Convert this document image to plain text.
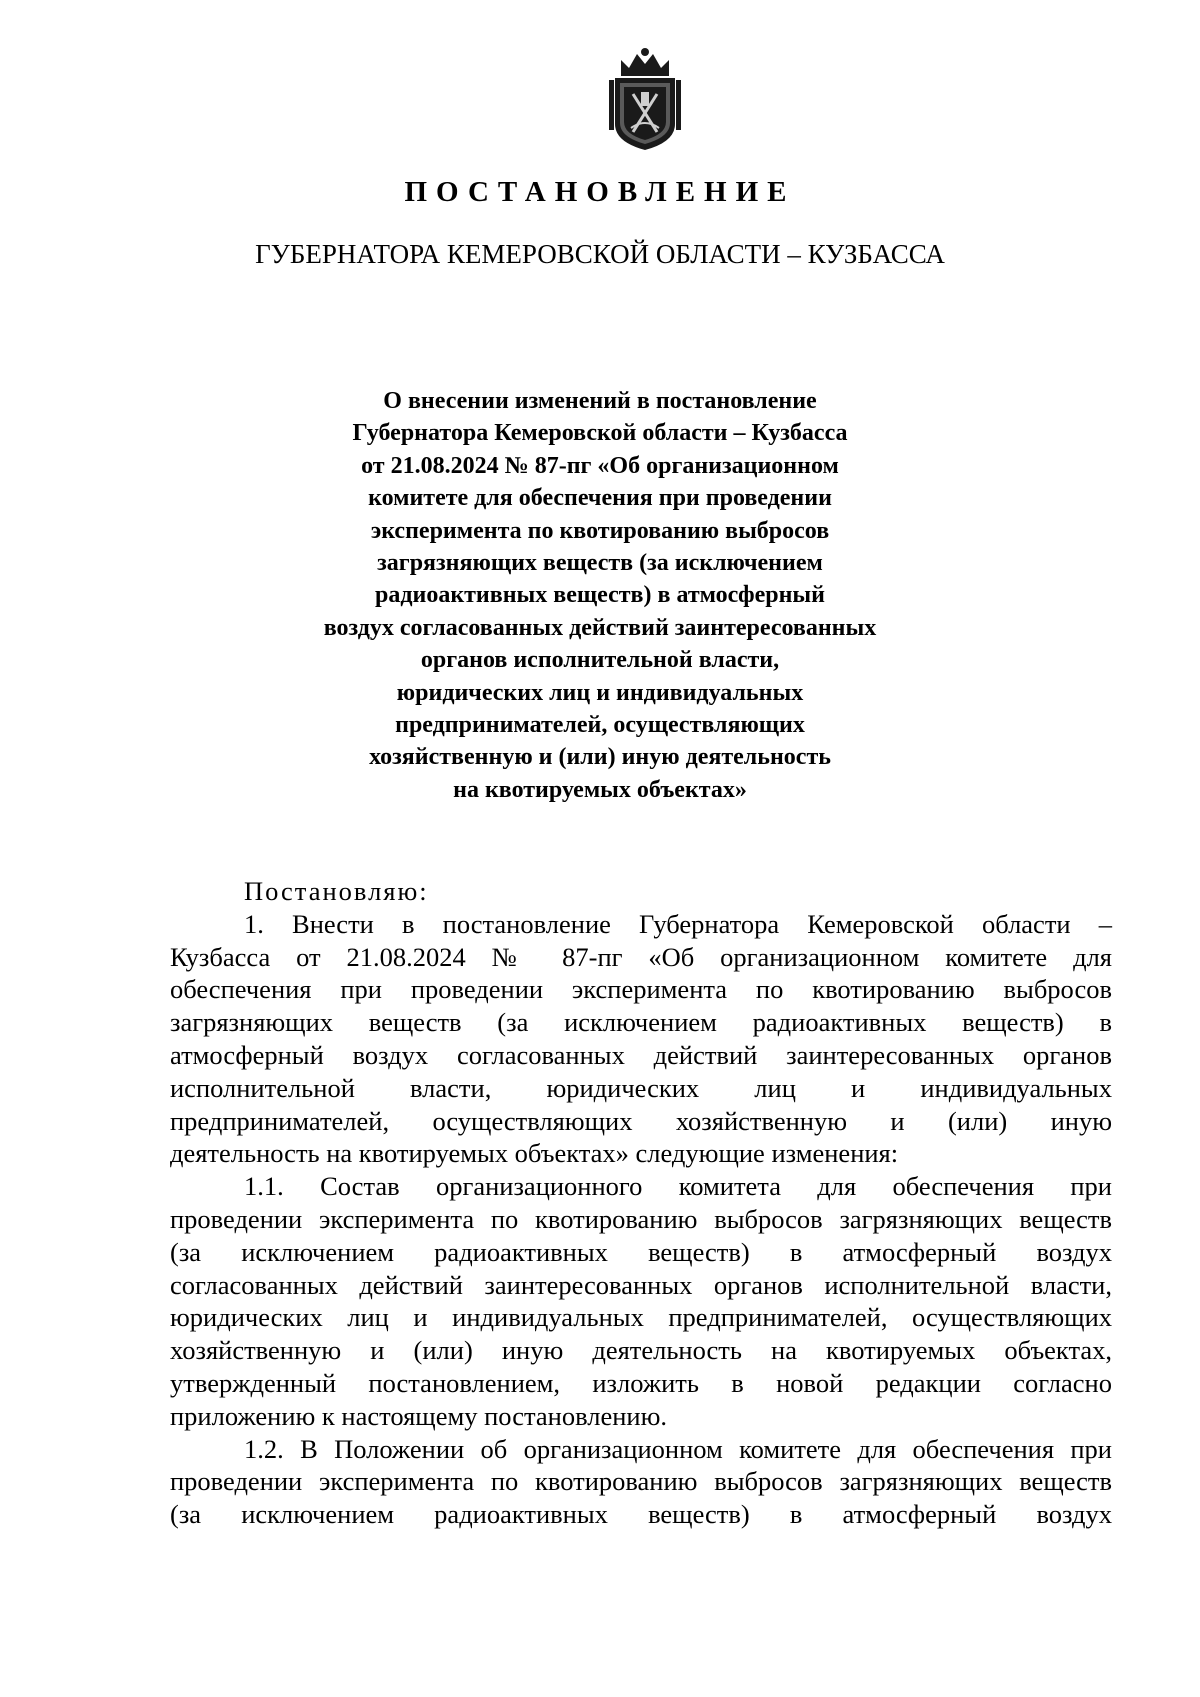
ПОСТАНОВЛЕНИЕ
ГУБЕРНАТОРА КЕМЕРОВСКОЙ ОБЛАСТИ – КУЗБАССА
О внесении изменений в постановление
Губернатора Кемеровской области – Кузбасса
от 21.08.2024 № 87-пг «Об организационном
комитете для обеспечения при проведении
эксперимента по квотированию выбросов
загрязняющих веществ (за исключением
радиоактивных веществ) в атмосферный
воздух согласованных действий заинтересованных
органов исполнительной власти,
юридических лиц и индивидуальных
предпринимателей, осуществляющих
хозяйственную и (или) иную деятельность
на квотируемых объектах»
Постановляю:
1. Внести в постановление Губернатора Кемеровской области –
Кузбасса от 21.08.2024 № 87-пг «Об организационном комитете для
обеспечения при проведении эксперимента по квотированию выбросов
загрязняющих веществ (за исключением радиоактивных веществ) в
атмосферный воздух согласованных действий заинтересованных органов
исполнительной власти, юридических лиц и индивидуальных
предпринимателей, осуществляющих хозяйственную и (или) иную
деятельность на квотируемых объектах» следующие изменения:
1.1. Состав организационного комитета для обеспечения при
проведении эксперимента по квотированию выбросов загрязняющих веществ
(за исключением радиоактивных веществ) в атмосферный воздух
согласованных действий заинтересованных органов исполнительной власти,
юридических лиц и индивидуальных предпринимателей, осуществляющих
хозяйственную и (или) иную деятельность на квотируемых объектах,
утвержденный постановлением, изложить в новой редакции согласно
приложению к настоящему постановлению.
1.2. В Положении об организационном комитете для обеспечения при
проведении эксперимента по квотированию выбросов загрязняющих веществ
(за исключением радиоактивных веществ) в атмосферный воздух
